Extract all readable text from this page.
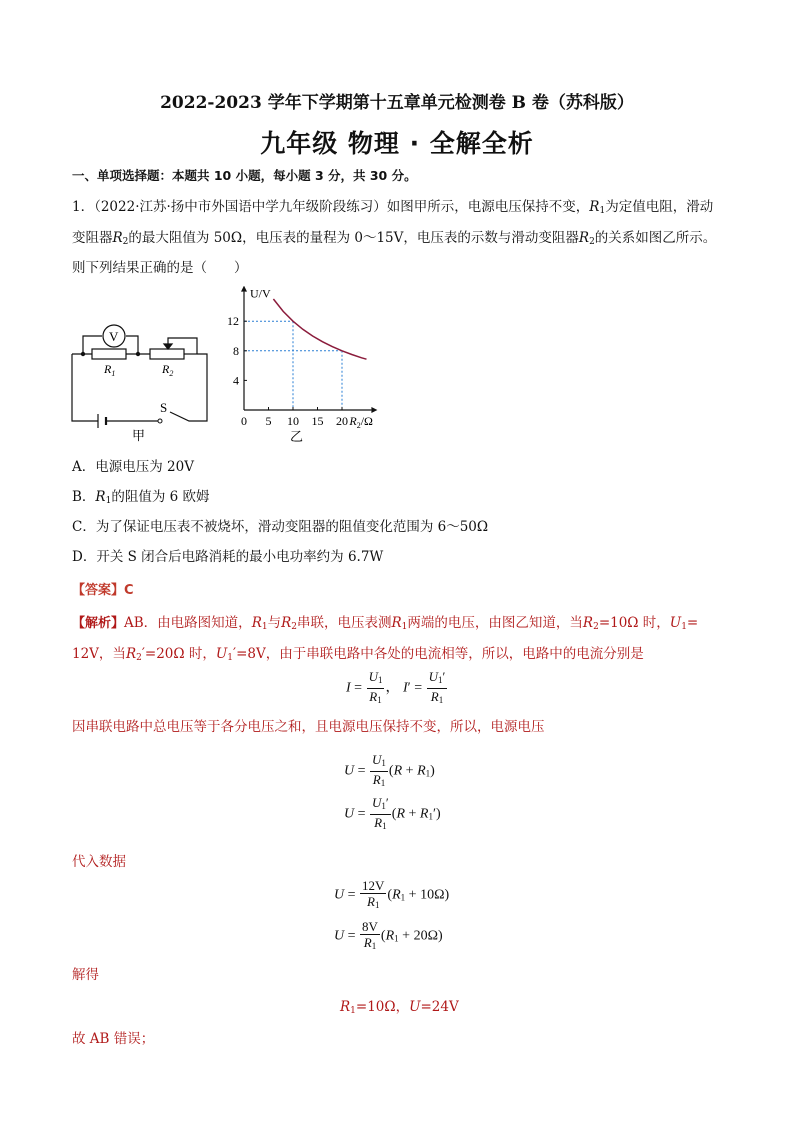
2022-2023 学年下学期第十五章单元检测卷 B 卷（苏科版）
九年级 物理 · 全解全析
一、单项选择题：本题共 10 小题，每小题 3 分，共 30 分。
1．（2022·江苏·扬中市外国语中学九年级阶段练习）如图甲所示，电源电压保持不变，$R_1$为定值电阻，滑动
变阻器$R_2$的最大阻值为 50Ω，电压表的量程为 0～15V，电压表的示数与滑动变阻器$R_2$的关系如图乙所示。
则下列结果正确的是（　　）
V
$R_1$	$R_2$
S
甲
0 5 10 15 20
4
8
12
U/V
$R_2/\Omega$
乙
A．电源电压为 20V
B．$R_1$的阻值为 6 欧姆
C．为了保证电压表不被烧坏，滑动变阻器的阻值变化范围为 6～50Ω
D．开关 S 闭合后电路消耗的最小电功率约为 6.7W
【答案】C
【解析】AB．由电路图知道，$R_1$与$R_2$串联，电压表测$R_1$两端的电压，由图乙知道，当$R_2=10\Omega$ 时，$U_1=$
12V，当$R_2'=20\Omega$ 时，$U_1'=8V$，由于串联电路中各处的电流相等，所以，电路中的电流分别是
$I = \frac{U_1}{R_1}$ ， $I' = \frac{U_1'}{R_1}$
因串联电路中总电压等于各分电压之和，且电源电压保持不变，所以，电源电压
$U = \frac{U_1}{R_1} (R + R_1)$
$U = \frac{U_1'}{R_1} (R + R_1')$
代入数据
$U = \frac{12V}{R_1} (R_1 + 10\Omega)$
$U = \frac{8V}{R_1} (R_1 + 20\Omega)$
解得
$R_1=10\Omega$，U=24V
故 AB 错误；
